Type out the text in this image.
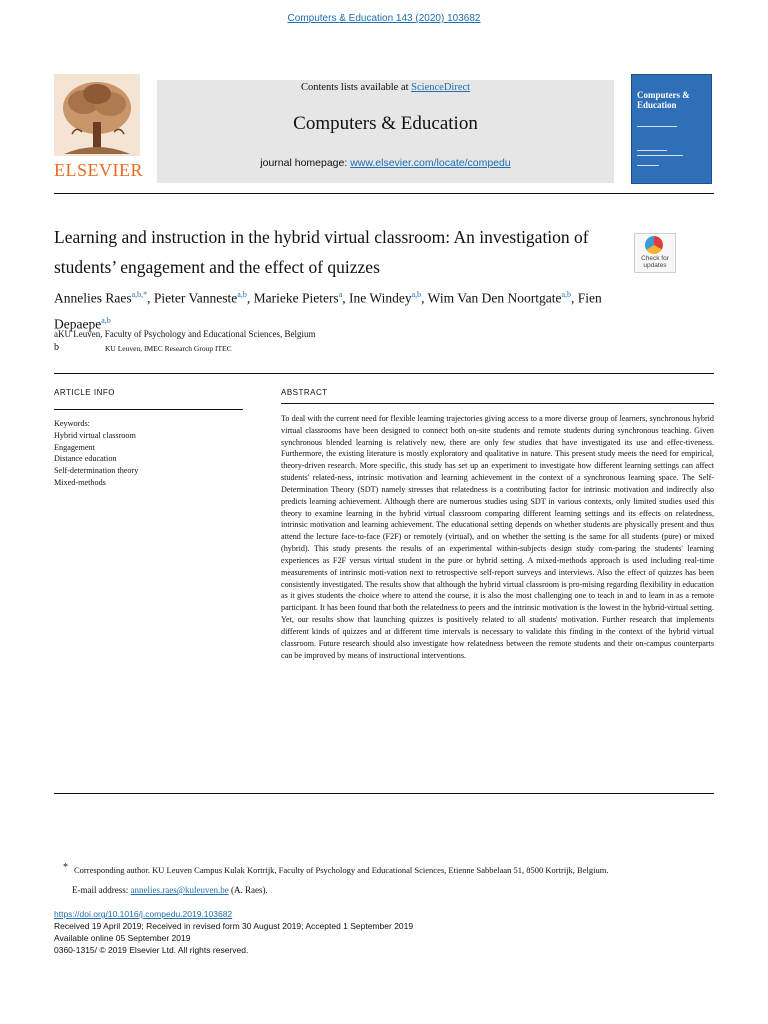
Computers & Education 143 (2020) 103682
Contents lists available at ScienceDirect
Computers & Education
journal homepage: www.elsevier.com/locate/compedu
ELSEVIER
Computers & Education
Learning and instruction in the hybrid virtual classroom: An investigation of students’ engagement and the effect of quizzes	Check for updates
Annelies Raes$^{a,b,*}$, Pieter Vanneste$^{a,b}$, Marieke Pieters$^a$, Ine Windey$^{a,b}$, Wim Van Den Noortgate$^{a,b}$, Fien Depaepe$^{a,b}$
aKU Leuven, Faculty of Psychology and Educational Sciences, Belgium
b	KU Leuven, IMEC Research Group ITEC
ARTICLE INFO
Keywords:
Hybrid virtual classroom
Engagement
Distance education
Self-determination theory
Mixed-methods
ABSTRACT
To deal with the current need for flexible learning trajectories giving access to a more diverse group of learners, synchronous hybrid virtual classrooms have been designed to connect both on-site students and remote students during synchronous teaching. Given synchronous blended learning is relatively new, there are only few studies that have investigated its use and effec-tiveness. Furthermore, the existing literature is mostly exploratory and qualitative in nature. This present study meets the need for empirical, theory-driven research. More specific, this study has set up an experiment to investigate how different learning settings can affect students' related-ness, intrinsic motivation and learning achievement in the context of a synchronous learning space. The Self-Determination Theory (SDT) namely stresses that relatedness is a contributing factor for intrinsic motivation and indirectly also predicts learning achievement. Although there are numerous studies using SDT in various contexts, only limited studies used this theory to examine learning in the hybrid virtual classroom comparing different learning settings and its effects on relatedness, intrinsic motivation and learning achievement. The educational setting depends on whether students are physically present and thus attend the lecture face-to-face (F2F) or remotely (virtual), and on whether the setting is the same for all students (pure) or mixed (hybrid). This study presents the results of an experimental within-subjects design study com-paring the students' learning experiences as F2F versus virtual student in the pure or hybrid setting. A mixed-methods approach is used including real-time measurements of intrinsic moti-vation next to retrospective self-report surveys and interviews. Also the effect of quizzes has been consistently investigated. The results show that although the hybrid virtual classroom is pro-mising regarding flexibility in education as it gives students the choice where to attend the course, it is also the most challenging one to teach in and to learn in as a remote participant. It has been found that both the relatedness to peers and the intrinsic motivation is the lowest in the hybrid-virtual setting. Yet, our results show that launching quizzes is positively related to all students' motivation. Further research that implements different kinds of quizzes and at different time intervals is necessary to validate this finding in the context of the hybrid virtual classroom. Future research should also investigate how relatedness between the remote students and their on-campus counterparts can be improved by means of instructional interventions.
* Corresponding author. KU Leuven Campus Kulak Kortrijk, Faculty of Psychology and Educational Sciences, Etienne Sabbelaan 51, 8500 Kortrijk, Belgium.
E-mail address: annelies.raes@kuleuven.be (A. Raes).
https://doi.org/10.1016/j.compedu.2019.103682
Received 19 April 2019; Received in revised form 30 August 2019; Accepted 1 September 2019
Available online 05 September 2019
0360-1315/ © 2019 Elsevier Ltd. All rights reserved.
